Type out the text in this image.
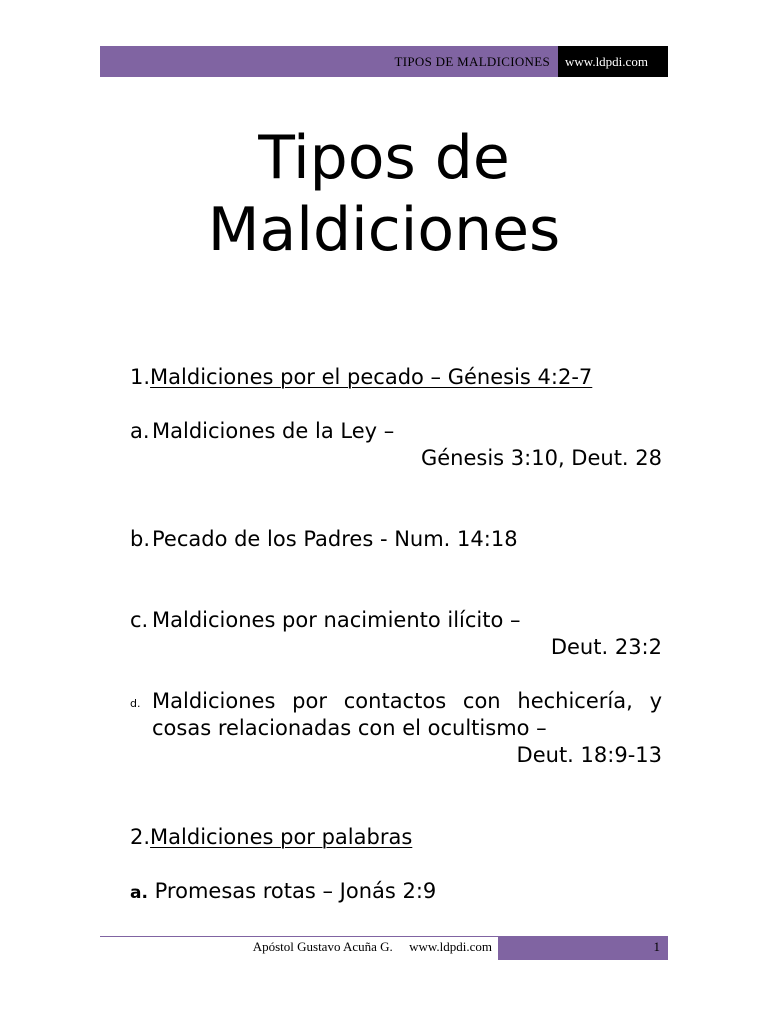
TIPOS DE MALDICIONES www.ldpdi.com
Tipos de
Maldiciones
1.Maldiciones por el pecado – Génesis 4:2-7
a. Maldiciones de la Ley –
Génesis 3:10, Deut. 28
b. Pecado de los Padres - Num. 14:18
c. Maldiciones por nacimiento ilícito –
Deut. 23:2
d. Maldiciones por contactos con hechicería, y
cosas relacionadas con el ocultismo –
Deut. 18:9-13
2.Maldiciones por palabras
a. Promesas rotas – Jonás 2:9
Apóstol Gustavo Acuña G. www.ldpdi.com	1
